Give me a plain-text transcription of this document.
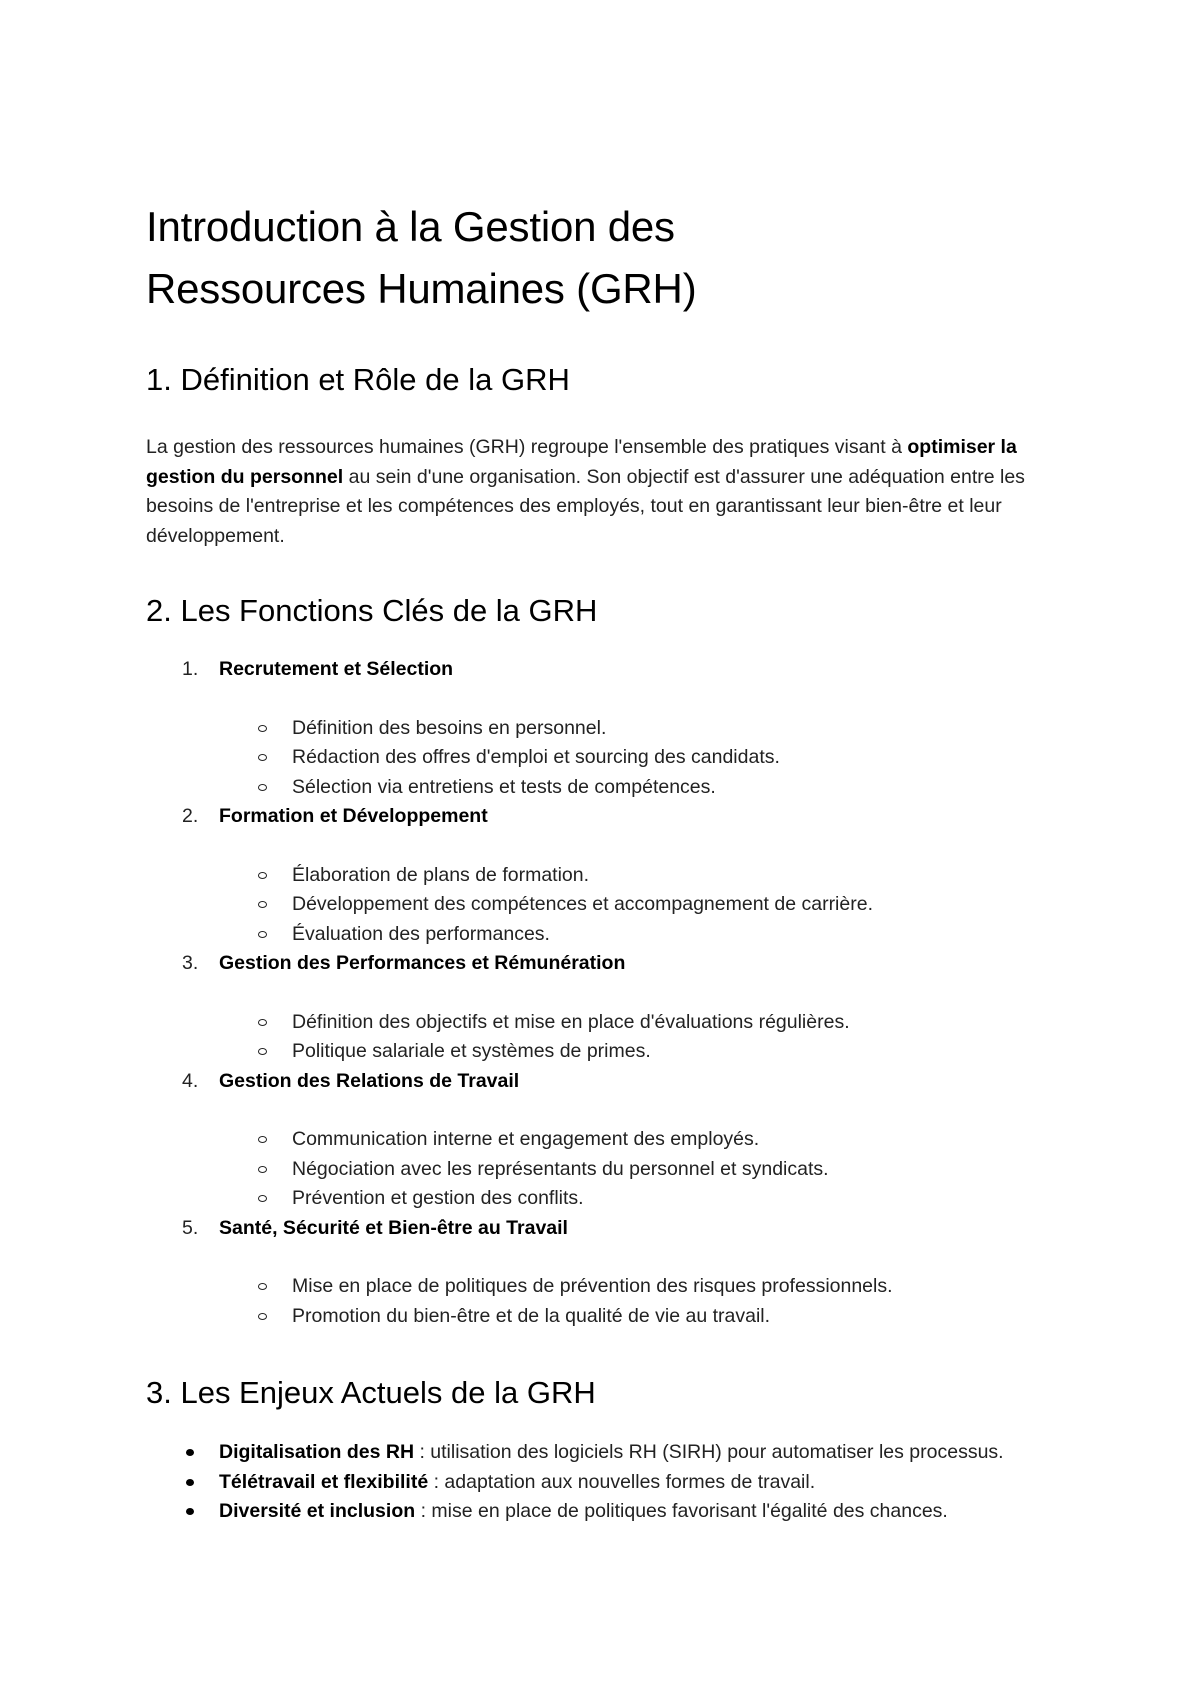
Introduction à la Gestion des
Ressources Humaines (GRH)
1. Définition et Rôle de la GRH

La gestion des ressources humaines (GRH) regroupe l'ensemble des pratiques visant à optimiser la gestion du personnel au sein d'une organisation. Son objectif est d'assurer une adéquation entre les besoins de l'entreprise et les compétences des employés, tout en garantissant leur bien-être et leur développement.

2. Les Fonctions Clés de la GRH
1. Recrutement et Sélection
Définition des besoins en personnel.
Rédaction des offres d'emploi et sourcing des candidats.
Sélection via entretiens et tests de compétences.
2. Formation et Développement
Élaboration de plans de formation.
Développement des compétences et accompagnement de carrière.
Évaluation des performances.
3. Gestion des Performances et Rémunération
Définition des objectifs et mise en place d'évaluations régulières.
Politique salariale et systèmes de primes.
4. Gestion des Relations de Travail
Communication interne et engagement des employés.
Négociation avec les représentants du personnel et syndicats.
Prévention et gestion des conflits.
5. Santé, Sécurité et Bien-être au Travail
Mise en place de politiques de prévention des risques professionnels.
Promotion du bien-être et de la qualité de vie au travail.
3. Les Enjeux Actuels de la GRH
Digitalisation des RH : utilisation des logiciels RH (SIRH) pour automatiser les processus.
Télétravail et flexibilité : adaptation aux nouvelles formes de travail.
Diversité et inclusion : mise en place de politiques favorisant l'égalité des chances.
